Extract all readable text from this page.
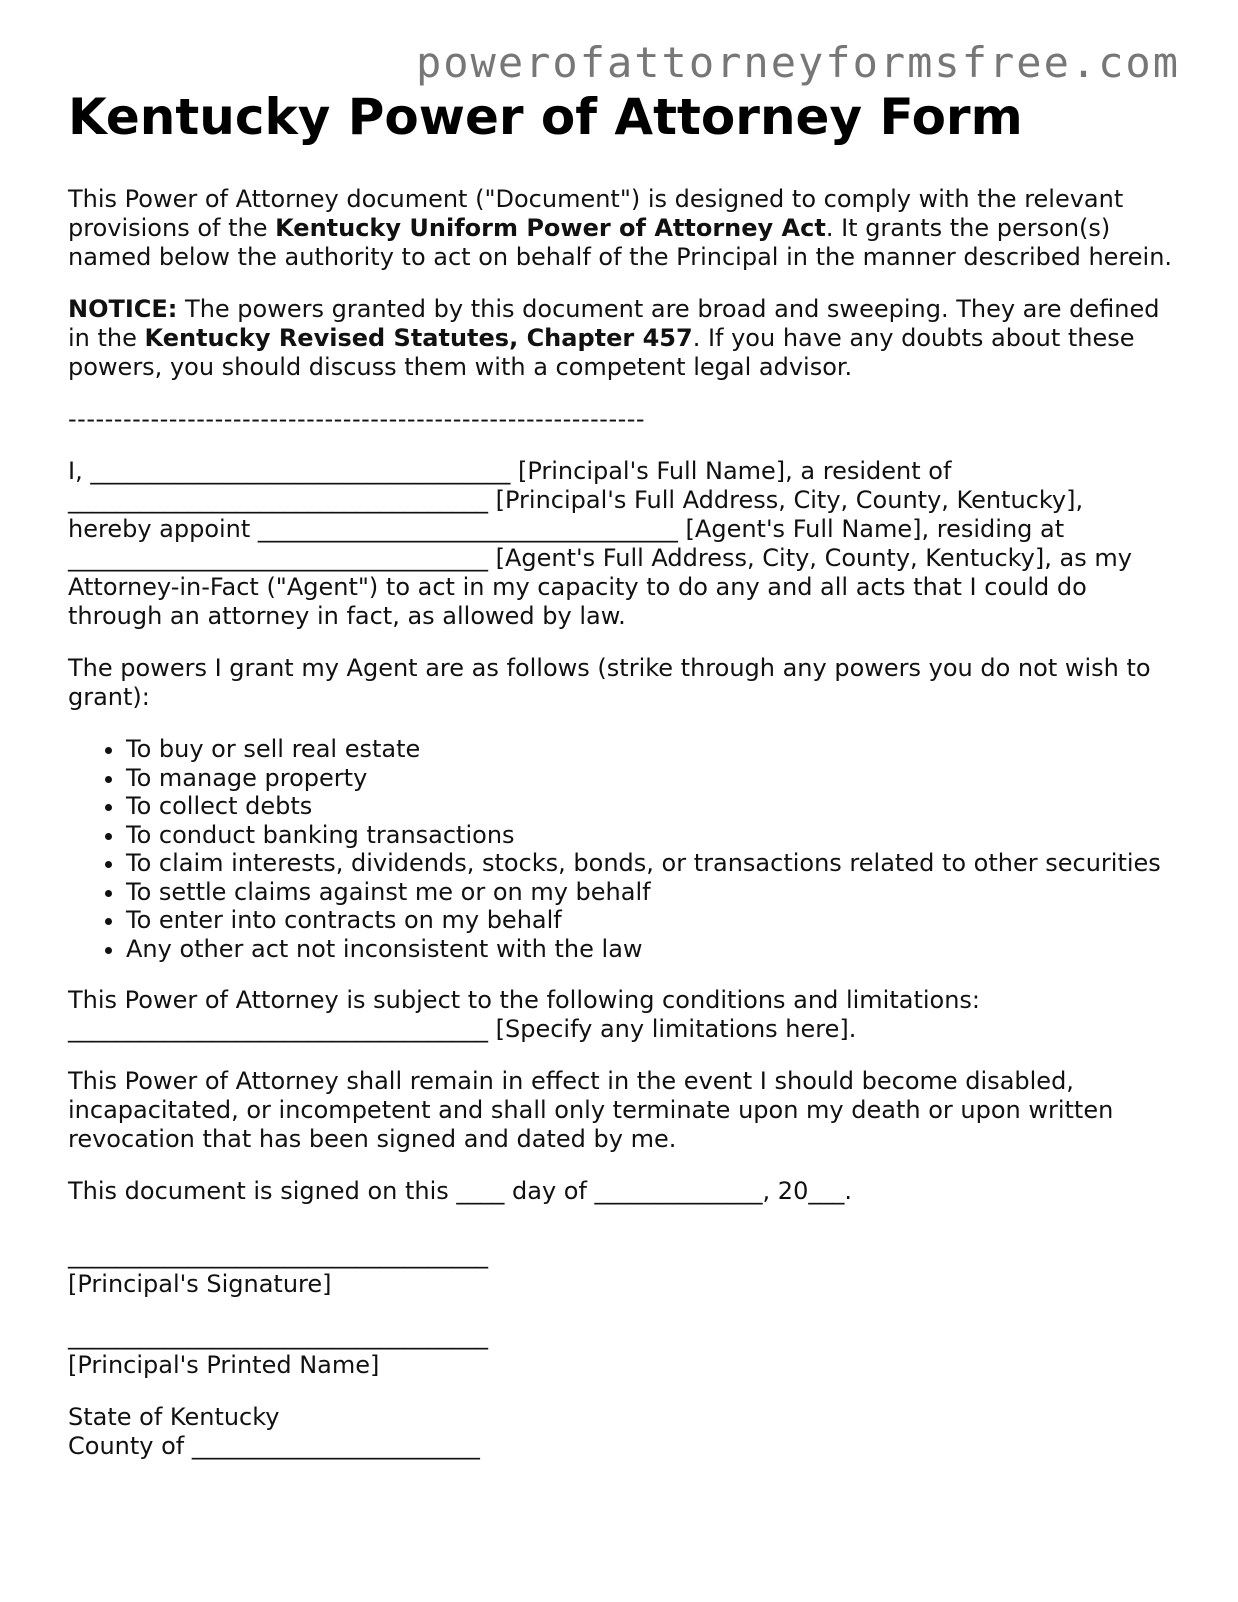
powerofattorneyformsfree.com
Kentucky Power of Attorney Form

This Power of Attorney document ("Document") is designed to comply with the relevant provisions of the Kentucky Uniform Power of Attorney Act. It grants the person(s) named below the authority to act on behalf of the Principal in the manner described herein.

NOTICE: The powers granted by this document are broad and sweeping. They are defined in the Kentucky Revised Statutes, Chapter 457. If you have any doubts about these powers, you should discuss them with a competent legal advisor.

---------------------------------------------------------------

I, ___________________________________ [Principal's Full Name], a resident of
___________________________________ [Principal's Full Address, City, County, Kentucky],
hereby appoint ___________________________________ [Agent's Full Name], residing at
___________________________________ [Agent's Full Address, City, County, Kentucky], as my
Attorney-in-Fact ("Agent") to act in my capacity to do any and all acts that I could do
through an attorney in fact, as allowed by law.

The powers I grant my Agent are as follows (strike through any powers you do not wish to grant):

• To buy or sell real estate
• To manage property
• To collect debts
• To conduct banking transactions
• To claim interests, dividends, stocks, bonds, or transactions related to other securities
• To settle claims against me or on my behalf
• To enter into contracts on my behalf
• Any other act not inconsistent with the law

This Power of Attorney is subject to the following conditions and limitations:
___________________________________ [Specify any limitations here].

This Power of Attorney shall remain in effect in the event I should become disabled, incapacitated, or incompetent and shall only terminate upon my death or upon written revocation that has been signed and dated by me.

This document is signed on this ____ day of ______________, 20___.

___________________________________

[Principal's Signature]

___________________________________

[Principal's Printed Name]

State of Kentucky
County of ________________________
